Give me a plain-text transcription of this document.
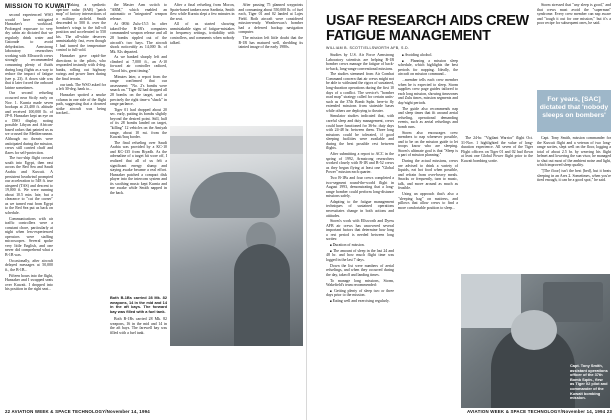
MISSION TO KUWAIT

second experienced WSO would have mitigated Hunsaker's workload. Prolonged exposure to very dry cabin air dictated that we regularly drink water and Gatorade to avoid dehydration. Armstrong laboratory researchers working with Ellsworth crews strongly recommended consuming plenty of fluids during long flights as a way to reduce the impact of fatigue (see p. 23). A down side was that it later forced the onboard latrine sometimes.

Our second refueling occurred near Sicily early on Nov. 1. Kurnia made seven hookups at 23,400 ft. altitude and received 100,000 lb. of JP-8. Hunsaker kept an eye on a DSO display, noting possible Libyan and African-based radars that painted us as we crossed the Mediterranean. Although no threats were anticipated during the mission, crews still carried chaff and flares for self-protection.

The two-ship flight crossed south into Egypt, then east across the Red Sea and Saudi Arabia and Kuwait. A persistent headwind prompted our acceleration to 548 ft. true airspeed (TAS) and descent to 19,000 ft. We were running about 10.5 min. late, but a clearance to "cut the corner" as we turned east from Egypt to the Red Sea put us back on schedule.

Communications with air traffic controllers were a constant chore, particularly at night when less-experienced operators were staffing microscopes. Several spoke very little English, and one never did comprehend what a B-1B was.

Occasionally, after aircraft delayed messages at 50,000 ft., the B-1B...

Fifteen hours into the flight, Hunsaker and I swapped seats over Kuwait. I dropped into his position in the right seat...

by taking a synthetic aperture radar (SAR) "patch map" of factory intersections of a military airfield. Smith descended to 500 ft. over the bomber's wings to the full-off position and accelerated to 550 kts. The all-white deserves unmistakably fast, even though I had turned the temperature control to full-cold.

Hunsaker gave rapid-fire directions to the pilots, who responded instantly with 4-deg. banks, rolling out highway swings and power lines during the final terrain.

our tank. The WSO asked for a left 30-deg. bank to...

Hunsaker spotted a smoke column in one side of the flight path, suggesting that a downed strike aircraft was being tracked...

the Master Arm switch to "ARM," which enabled an automatic or "integrated" weapon release.

At 0836 Zulu-15.5 hr. after takeoff-the B-1B's computers commanded weapon release and all 28 bombs rippled out of the aircraft's two bays. The aircraft shook noticeably as 14,000 lb. of Mk. 82s departed.

As we banked sharply left and climbed at 7,000 ft., an A-10 forward air controller radioed, "Good hits, great timing."

Minutes later, a report from the range confirmed that our assessment: "No. 2's bombs were smack on." Tiger 02 had dropped all 28 bombs on the target, and at precisely the right time-a "shack" in range parlance.

Tiger 01 had dropped about 20 sec. early, putting its bombs slightly beyond the desired point. Still, half of its 28 bombs landed on target, "killing" 12 vehicles on the Amiyah range, about 10 mi. from the Kuwait/Iraq border.

The final refueling over Saudi Arabia was provided by a KC-10 and KC-135 from Riyadh. As the adrenaline of a target hit wore off, I realized that all of us felt a significant energy slump and staying awake became a real effort. Hunsaker patched a compact disk player into the intercom system and its soothing music kept Kurnia and me awake while Smith napped in the back.

After a final refueling from Moron, Spain-based tankers near Sardinia, Smith flew while Kurnia slept a few minutes in the seat.

All of us started showing unmistakable signs of fatigue-mistakes in frequency settings, irritability with controllers, and comments when nobody talked.

After passing 75 planned waypoints and consuming about 550,000 lb. of fuel each, Tiger 01 and 02 landed at Lajes Field. Both aircraft were considered mission-ready. Weatherwax's bomber had a deferred backup navigation computer.

The mission left little doubt that the B-1B has matured well, shedding its tainted image of the early 1980s.

Both B-1Bs carried 28 Mk. 82 weapons, 14 in the mid and 14 in the aft bays. The forward bay was filled with a fuel tank.

Both B-1Bs carried 28 Mk. 82 weapons, 16 in the mid and 14 in the aft bays. The farewell bay was filled with a fuel tank.

22 AVIATION WEEK & SPACE TECHNOLOGY/November 14, 1994
USAF RESEARCH AIDS CREW FATIGUE MANAGEMENT
WILLIAM B. SCOTT/ELLSWORTH AFB, S.D.

Studies by U.S. Air Force Armstrong Laboratory scientists are helping B-1B bomber crews manage the fatigue of back-to-back, long-range conventional missions.

The studies stemmed from Air Combat Command concern that air crews might not be able to withstand the rigors of sustained, long-duration operations during the first 10 days of a conflict. The service's "bomber road map" strategy called for certain units-such as the 37th Bomb Sqdn. here-to fly extended missions from stateside bases while others are deploying to theater.

Simulator studies indicated that, with careful sleep and duty management, crews could have functioned for 36-hr. duty days with 24-48 hr. between them. Three long missions could be tolerated, if good sleeping facilities were available and during the best possible rest between flights.

After submitting a report to ACC in the spring of 1992, Armstrong researchers worked closely with B-1B and B-52 crews as they began flying at least one "Global Power" mission each quarter.

Two B-1Bs and four crews completed a two-segment round-the-world flight in August 1993, demonstrating that a long-range bomber could perform long-distance missions safely.

Adapting to the fatigue management techniques of sustained operations necessitates change in both actions and attitudes.

Storm's work with Ellsworth and Dyess AFB air crews has uncovered several important factors that determine how long a rest period is needed between long sorties:

■ Duration of mission.

■ The amount of sleep in the last 24 and 48 hr. and how much flight time was logged in the last 7 days.

Down the list were numbers of aerial refuelings, and when they occurred during the day, takeoff and landing times.

To manage long missions, Storm, Wakefield's team recommended:

■ Getting plenty of sleep two or three days prior to the mission.

■ Eating well and exercising regularly.

■ Avoiding alcohol.

■ Planning a mission sleep schedule, which highlights the best periods for napping. Ideally, the aircraft on mission command...

...member tells each crew member when he is expected to sleep. Storm supplies crew page guides tailored to each long mission, showing timezones and Zulu times, mission segments and day/night periods.

The guide also recommends nap and sleep times that fit around aerial refueling, operational demanding events, such as aerial refuelings and bomb runs.

Storm also encourages crew members to nap whenever possible, and to be on the mission guide to let troops know who are sleeping. Storm's ultimate goal is that "Sleep is a part of mission planning."

During the actual missions, crews are advised to drink a variety of liquids, eat hot food when possible, and refrain from over-heavy meals. Snacks or frequently, turn to music, talk, and move around as much as feasible.

Using an approach that's also a "sleeping bag" on mattress, and pillows that allow crews to find a more comfortable position to sleep...

The 24-hr. "Vigilant Warrior" flight Oct. 31-Nov. 1 highlighted the value of long-duration experience. All seven of the Tiger Flight officers on Tiger 01 and 02 had flown at least one Global Power flight prior to the Kuwait bombing sortie.

Storm stressed that "any sleep is good," and that crews must avoid the "superman" syndrome. Every crew member can nap aware and "tough it out for one mission," but it's a poor recipe for subsequent ones, he said.

For years, [SAC] dictated that 'nobody sleeps on bombers'

Capt. Tony Smith, mission commander for the Kuwait flight and a veteran of two long-range sorties, slept well on the floor, logging a total of about 2.5 hr. by weaving his flight helmet and lowering the sun visor, he managed to shut out most of the ambient noise and light, which improved sleep quality.

"[The floor] isn't the best [bed], but it beats sleeping in an Ares 2. Sometimes, when you're tired enough, it can be a good spot," he said.

Capt. Tony Smith, assistant operations officer of the 37th Bomb Sqdn., flew as Tiger 02 pilot and commander of the Kuwait bombing mission.
AVIATION WEEK & SPACE TECHNOLOGY/November 14, 1994 23
